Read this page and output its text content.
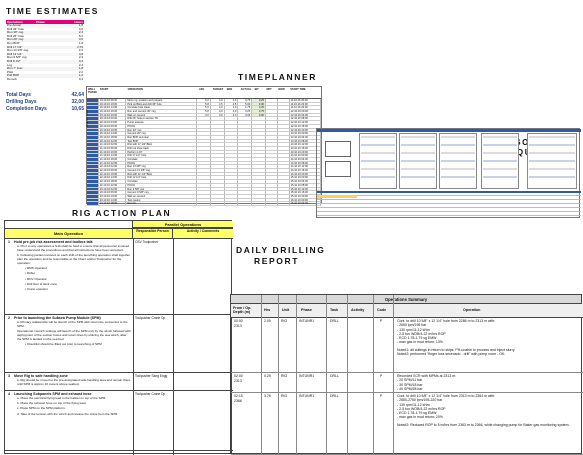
TIME ESTIMATES
Operations	Phase	Hours
Pre Arrival	1,8
Drill 36" hole	3,6
Run 30" csg	2,4
Drill 26" hole	5,2
Run 20" csg	3,0
Run BOP	1,8
Drill 17 1/2"	2,76
Run 13 3/8" csg	2,4
Drill 12 1/4"	4,8
Run 9 5/8" csg	2,4
Drill 8 1/2"	3,4
Log	2,4
Run 7" liner	1,8
P&A	2,2
Pull BOP	1,2
Demob	0,4
Total Days	42,64
Drilling Days	32,00
Completion Days	10,65
TIMEPLANNER
WELL PHASE
START	OPERATION	AFE	TARGET	BDS	ACTUAL	B/T	NPT	NOW	START TIME
19.10.16 06:00	Move rig, position and prepare	6,0	4,0	4,0	3,75	0,25	11.10.16 20:00
19.10.16 10:00	Pick up BHA and drill 36" hole	5,8	4,5	4,5	5,00	0,00	11.10.16 23:00
19.10.16 14:00	Circulate hole clean	5,0	2,0	2,0	1,75	0,25	11.10.16 23:00
19.10.16 16:00	Run and cement 30" csg	5,8	4,0	4,0	3,25	0,75	12.10.16 00:00
19.10.16 20:00	Wait on cement	3,0	3,0	3,0	3,00	0,00	12.10.16 04:00
20.10.16 00:00	Drill 26" hole to section TD	12.10.16 08:00
20.10.16 04:00	Pump sweeps	12.10.16 12:00
20.10.16 06:00	POOH	12.10.16 16:00
20.10.16 10:00	Run 20" csg	12.10.16 20:00
20.10.16 14:00	Cement 20" csg	13.10.16 00:00
20.10.16 18:00	Run BOP and riser	13.10.16 04:00
20.10.16 22:00	Test BOP	13.10.16 08:00
21.10.16 02:00	RIH with 17 1/2" BHA	13.10.16 12:00
21.10.16 06:00	Drill out shoe track	13.10.16 16:00
21.10.16 10:00	Perform LOT	13.10.16 20:00
21.10.16 14:00	Drill 17 1/2" hole	14.10.16 00:00
21.10.16 18:00	Circulate	14.10.16 04:00
21.10.16 22:00	POOH	14.10.16 08:00
22.10.16 02:00	Run 13 3/8" csg	14.10.16 12:00
22.10.16 06:00	Cement 13 3/8" csg	14.10.16 16:00
22.10.16 10:00	RIH with 12 1/4" BHA	14.10.16 20:00
22.10.16 14:00	Drill 12 1/4" hole	15.10.16 00:00
22.10.16 18:00	Circulate	15.10.16 04:00
22.10.16 22:00	POOH	15.10.16 08:00
23.10.16 02:00	Run 9 5/8" csg	15.10.16 12:00
23.10.16 06:00	Cement 9 5/8" csg	15.10.16 16:00
23.10.16 10:00	Wait on cement	15.10.16 20:00
23.10.16 14:00	Test casing	16.10.16 00:00
23.10.16 18:00	Demob	16.10.16 04:00
Drill 36" Hole
RIG ACTION PLAN
Parallel Operations
Main Operation	Responsible Person	Activity / Comments
1 Hold pre-job risk assessment and toolbox talk
a. Prior to any operations a SJA shall be held to ensure that all personnel involved have understood the procedures and that all instructions have been accepted.
b. Following parties involved on each shift of the launching operation shall together plan the operation and be responsible to the Client and/or Toolpusher for the operation:
• RMS Operator
• Driller
• ROV Operator
• Drill floor & deck crew
• Crane operator
OSV Toolpusher
2 Prior to launching the Subsea Pump Module (SPM)
a. Primary relationship will be launch of the SPM with return the connected to the SPM.
Operational / launch settings will launch of the SPM only by the winch followed with deployment of the suction hoses and return lines by utilizing the sea winch, after the SPM is landed on the sea bed.
• Checklist should be filled out prior to launching of SPM
Toolpusher Crane Op
3 Move Rig to safe handling zone
a. Rig should be moved to the pre-designated safe handling area and remain there until SPM is approx 10 meters above seabed.
Toolpusher Sang Engg
4 Launching Subpanels SPM and exhaust hose
a. Place the electrical flying lead in the basket on top of the SPM.
b. Place the exhaust hose on top of the flying lead.
c. Place SPM on the SPM platform.
d. Take of the tension with the winch and release the crane from the SPM.
Toolpusher Crane Op
DAILY DRILLING
REPORT
Operations Summary
From / Op. Depth (m)
Hrs	Unit	Phase	Task	Activity	Code	Operation
00:00
2313
2.00	RIG	INTUNR1	DRLL	P	Cont. to drill 10 5/8" x 12 1/4" hole from 2286 m to 2313 m with:
- 2650 lpm/195 bar
- 130 rpm/11-12 kNm
- 2-5 ton WOB/4-22 m/hrs ROP
- ECD 1.78-1.79 sg EMW
- max gas in mud return: 10%
Note#1: all cuttings in return to skips. PH-unable to process and inject slurry.
Note#2: performed "finger loss secenario - drill" with pump room - OK.
02:00
2313
0.25	RIG	INTUNR1	DRLL	P	Recorded SCR with MPMs at 2313 m:
- 20 SPM/11 bar
- 30 SPM/18 bar
- 40 SPM/28 bar
02:15
2366
3.75	RIG	INTUNR1	DRLL	P	Cont. to drill 10 5/8" x 12 1/4" hole from 2313 m to 2364 m with:
- 2650-2750 lpm/195-220 bar
- 130 rpm/11-12 kNm
- 2-5 ton WOB/4-22 m/hrs ROP
- ECD 1.78-1.79 sg EMW
- max gas in mud return: 20%
Note#2: Reduced ROP to 5 m/hrs from 2363 m to 2366, while changing pump for Baker gas monitoring system.
